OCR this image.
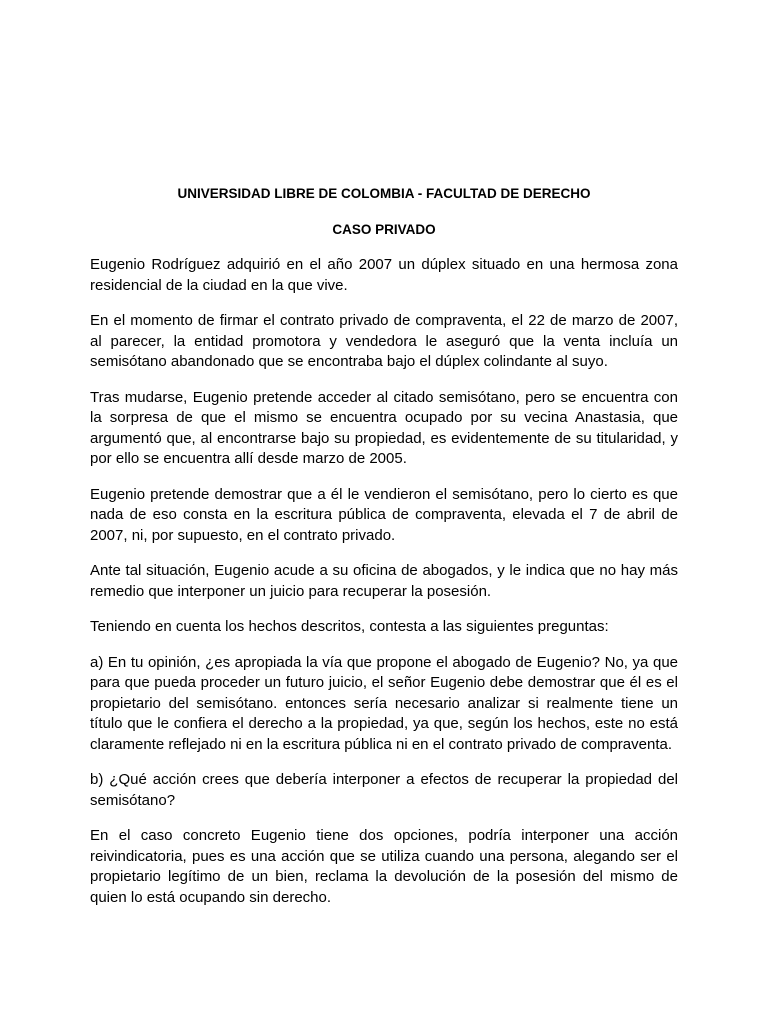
UNIVERSIDAD LIBRE DE COLOMBIA - FACULTAD DE DERECHO

CASO PRIVADO

Eugenio Rodríguez adquirió en el año 2007 un dúplex situado en una hermosa zona residencial de la ciudad en la que vive.

En el momento de firmar el contrato privado de compraventa, el 22 de marzo de 2007, al parecer, la entidad promotora y vendedora le aseguró que la venta incluía un semisótano abandonado que se encontraba bajo el dúplex colindante al suyo.

Tras mudarse, Eugenio pretende acceder al citado semisótano, pero se encuentra con la sorpresa de que el mismo se encuentra ocupado por su vecina Anastasia, que argumentó que, al encontrarse bajo su propiedad, es evidentemente de su titularidad, y por ello se encuentra allí desde marzo de 2005.

Eugenio pretende demostrar que a él le vendieron el semisótano, pero lo cierto es que nada de eso consta en la escritura pública de compraventa, elevada el 7 de abril de 2007, ni, por supuesto, en el contrato privado.

Ante tal situación, Eugenio acude a su oficina de abogados, y le indica que no hay más remedio que interponer un juicio para recuperar la posesión.

Teniendo en cuenta los hechos descritos, contesta a las siguientes preguntas:

a) En tu opinión, ¿es apropiada la vía que propone el abogado de Eugenio? No, ya que para que pueda proceder un futuro juicio, el señor Eugenio debe demostrar que él es el propietario del semisótano. entonces sería necesario analizar si realmente tiene un título que le confiera el derecho a la propiedad, ya que, según los hechos, este no está claramente reflejado ni en la escritura pública ni en el contrato privado de compraventa.

b) ¿Qué acción crees que debería interponer a efectos de recuperar la propiedad del semisótano?

En el caso concreto Eugenio tiene dos opciones, podría interponer una acción reivindicatoria, pues es una acción que se utiliza cuando una persona, alegando ser el propietario legítimo de un bien, reclama la devolución de la posesión del mismo de quien lo está ocupando sin derecho.
